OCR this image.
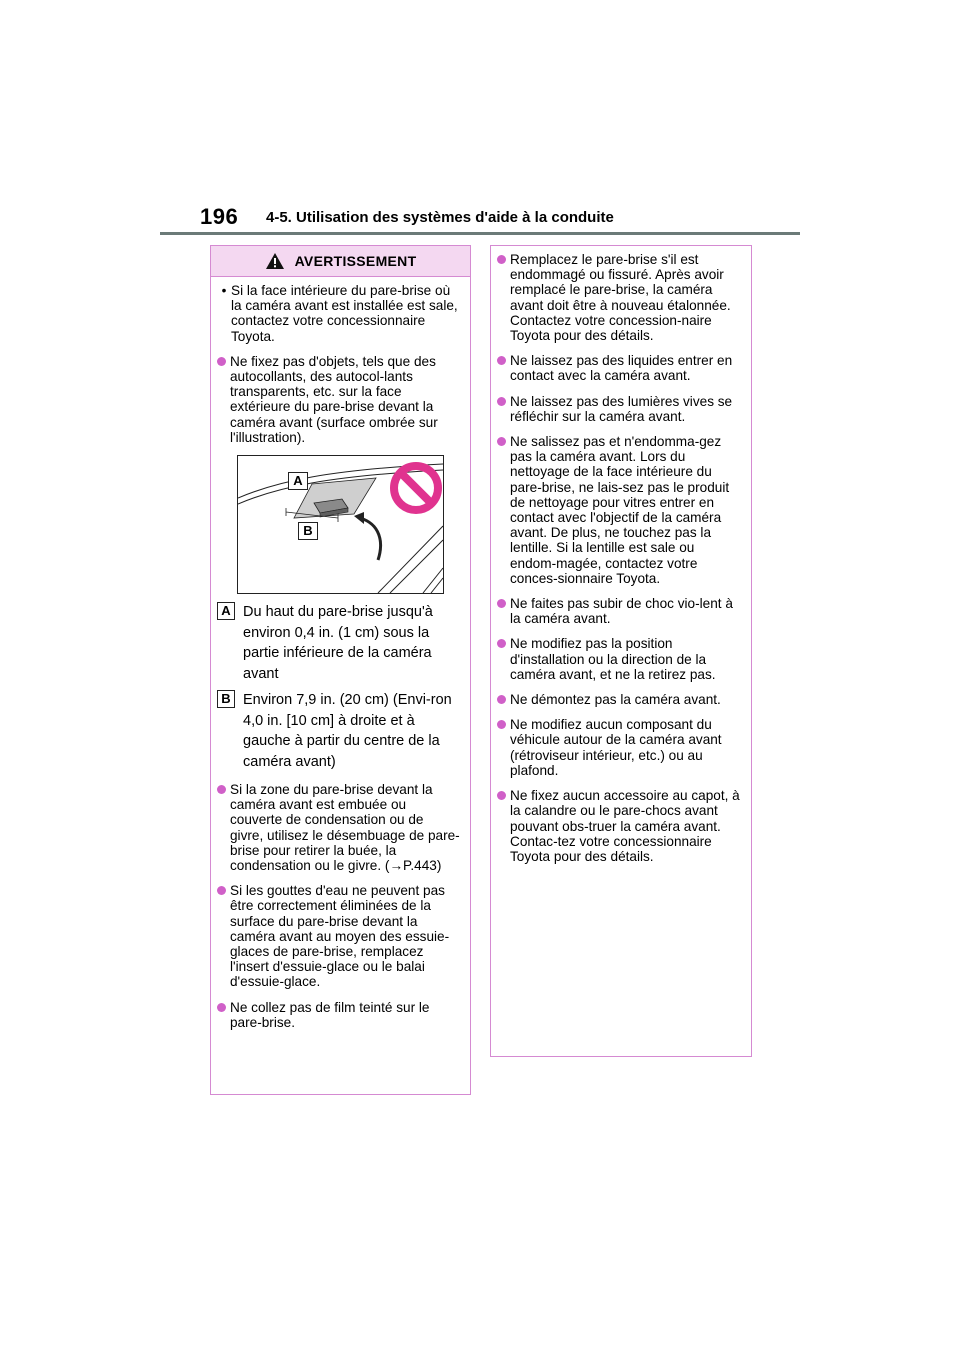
196 4-5. Utilisation des systèmes d'aide à la conduite
AVERTISSEMENT
• Si la face intérieure du pare-brise où la caméra avant est installée est sale, contactez votre concessionnaire Toyota.
Ne fixez pas d'objets, tels que des autocollants, des autocol-lants transparents, etc. sur la face extérieure du pare-brise devant la caméra avant (surface ombrée sur l'illustration).
A
B
A Du haut du pare-brise jusqu'à environ 0,4 in. (1 cm) sous la partie inférieure de la caméra avant
B Environ 7,9 in. (20 cm) (Envi-ron 4,0 in. [10 cm] à droite et à gauche à partir du centre de la caméra avant)
Si la zone du pare-brise devant la caméra avant est embuée ou couverte de condensation ou de givre, utilisez le désembuage de pare-brise pour retirer la buée, la condensation ou le givre. (→P.443)
Si les gouttes d'eau ne peuvent pas être correctement éliminées de la surface du pare-brise devant la caméra avant au moyen des essuie-glaces de pare-brise, remplacez l'insert d'essuie-glace ou le balai d'essuie-glace.
Ne collez pas de film teinté sur le pare-brise.
Remplacez le pare-brise s'il est endommagé ou fissuré. Après avoir remplacé le pare-brise, la caméra avant doit être à nouveau étalonnée. Contactez votre concession-naire Toyota pour des détails.
Ne laissez pas des liquides entrer en contact avec la caméra avant.
Ne laissez pas des lumières vives se réfléchir sur la caméra avant.
Ne salissez pas et n'endomma-gez pas la caméra avant. Lors du nettoyage de la face intérieure du pare-brise, ne lais-sez pas le produit de nettoyage pour vitres entrer en contact avec l'objectif de la caméra avant. De plus, ne touchez pas la lentille. Si la lentille est sale ou endom-magée, contactez votre conces-sionnaire Toyota.
Ne faites pas subir de choc vio-lent à la caméra avant.
Ne modifiez pas la position d'installation ou la direction de la caméra avant, et ne la retirez pas.
Ne démontez pas la caméra avant.
Ne modifiez aucun composant du véhicule autour de la caméra avant (rétroviseur intérieur, etc.) ou au plafond.
Ne fixez aucun accessoire au capot, à la calandre ou le pare-chocs avant pouvant obs-truer la caméra avant. Contac-tez votre concessionnaire Toyota pour des détails.
